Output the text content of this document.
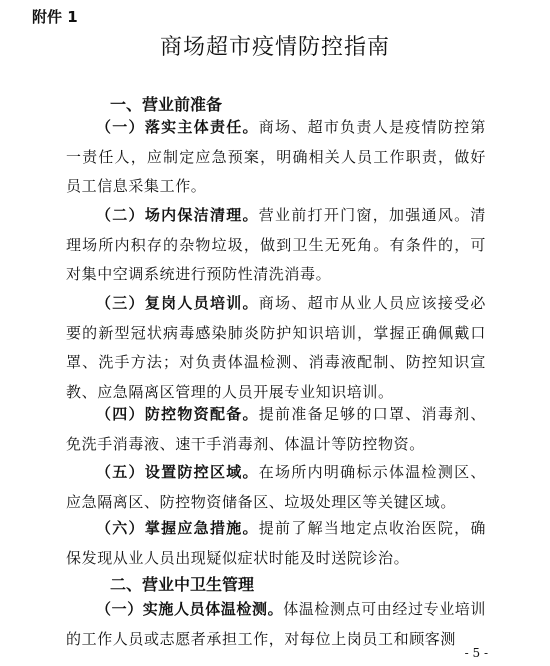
附件 1
商场超市疫情防控指南
一、营业前准备

（一）落实主体责任。商场、超市负责人是疫情防控第一责任人，应制定应急预案，明确相关人员工作职责，做好员工信息采集工作。

（二）场内保洁清理。营业前打开门窗，加强通风。清理场所内积存的杂物垃圾，做到卫生无死角。有条件的，可对集中空调系统进行预防性清洗消毒。

（三）复岗人员培训。商场、超市从业人员应该接受必要的新型冠状病毒感染肺炎防护知识培训，掌握正确佩戴口罩、洗手方法；对负责体温检测、消毒液配制、防控知识宣教、应急隔离区管理的人员开展专业知识培训。

（四）防控物资配备。提前准备足够的口罩、消毒剂、免洗手消毒液、速干手消毒剂、体温计等防控物资。

（五）设置防控区域。在场所内明确标示体温检测区、应急隔离区、防控物资储备区、垃圾处理区等关键区域。

（六）掌握应急措施。提前了解当地定点收治医院，确保发现从业人员出现疑似症状时能及时送院诊治。

二、营业中卫生管理

（一）实施人员体温检测。体温检测点可由经过专业培训的工作人员或志愿者承担工作，对每位上岗员工和顾客测

- 5 -
